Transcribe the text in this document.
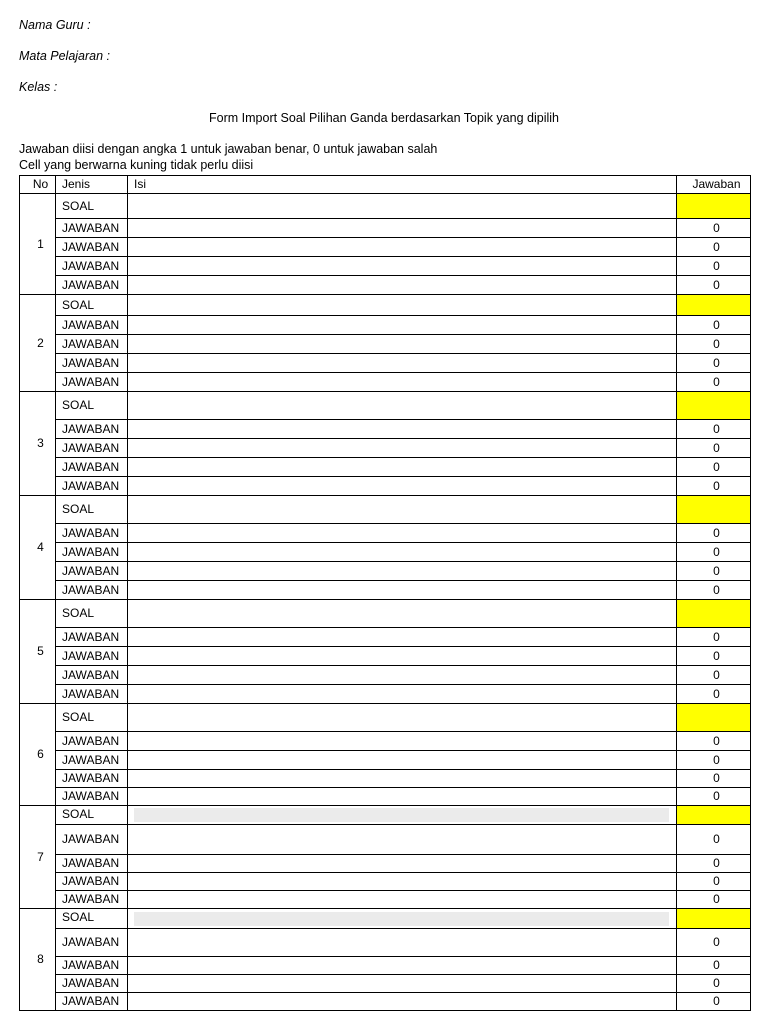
Nama Guru :
Mata Pelajaran :
Kelas :
Form Import Soal Pilihan Ganda berdasarkan Topik yang dipilih
Jawaban diisi dengan angka 1 untuk jawaban benar, 0 untuk jawaban salah
Cell yang berwarna kuning tidak perlu diisi
No	Jenis	Isi	Jawaban
1	SOAL		
	JAWABAN		0
	JAWABAN		0
	JAWABAN		0
	JAWABAN		0
2	SOAL		
	JAWABAN		0
	JAWABAN		0
	JAWABAN		0
	JAWABAN		0
3	SOAL		
	JAWABAN		0
	JAWABAN		0
	JAWABAN		0
	JAWABAN		0
4	SOAL		
	JAWABAN		0
	JAWABAN		0
	JAWABAN		0
	JAWABAN		0
5	SOAL		
	JAWABAN		0
	JAWABAN		0
	JAWABAN		0
	JAWABAN		0
6	SOAL		
	JAWABAN		0
	JAWABAN		0
	JAWABAN		0
	JAWABAN		0
7	SOAL	

	JAWABAN		0
	JAWABAN		0
	JAWABAN		0
	JAWABAN		0
8	SOAL	

	JAWABAN		0
	JAWABAN		0
	JAWABAN		0
	JAWABAN		0
